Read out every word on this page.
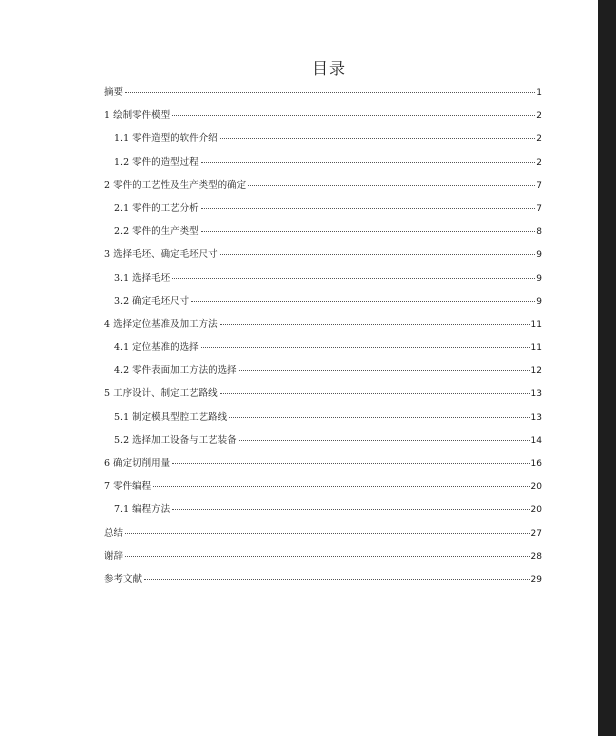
目录
摘要	1
1 绘制零件模型	2
1.1 零件造型的软件介绍	2
1.2 零件的造型过程	2
2 零件的工艺性及生产类型的确定	7
2.1 零件的工艺分析	7
2.2 零件的生产类型	8
3 选择毛坯、确定毛坯尺寸	9
3.1 选择毛坯	9
3.2 确定毛坯尺寸	9
4 选择定位基准及加工方法	11
4.1 定位基准的选择	11
4.2 零件表面加工方法的选择	12
5 工序设计、制定工艺路线	13
5.1 制定模具型腔工艺路线	13
5.2 选择加工设备与工艺装备	14
6 确定切削用量	16
7 零件编程	20
7.1 编程方法	20
总结	27
谢辞	28
参考文献	29
